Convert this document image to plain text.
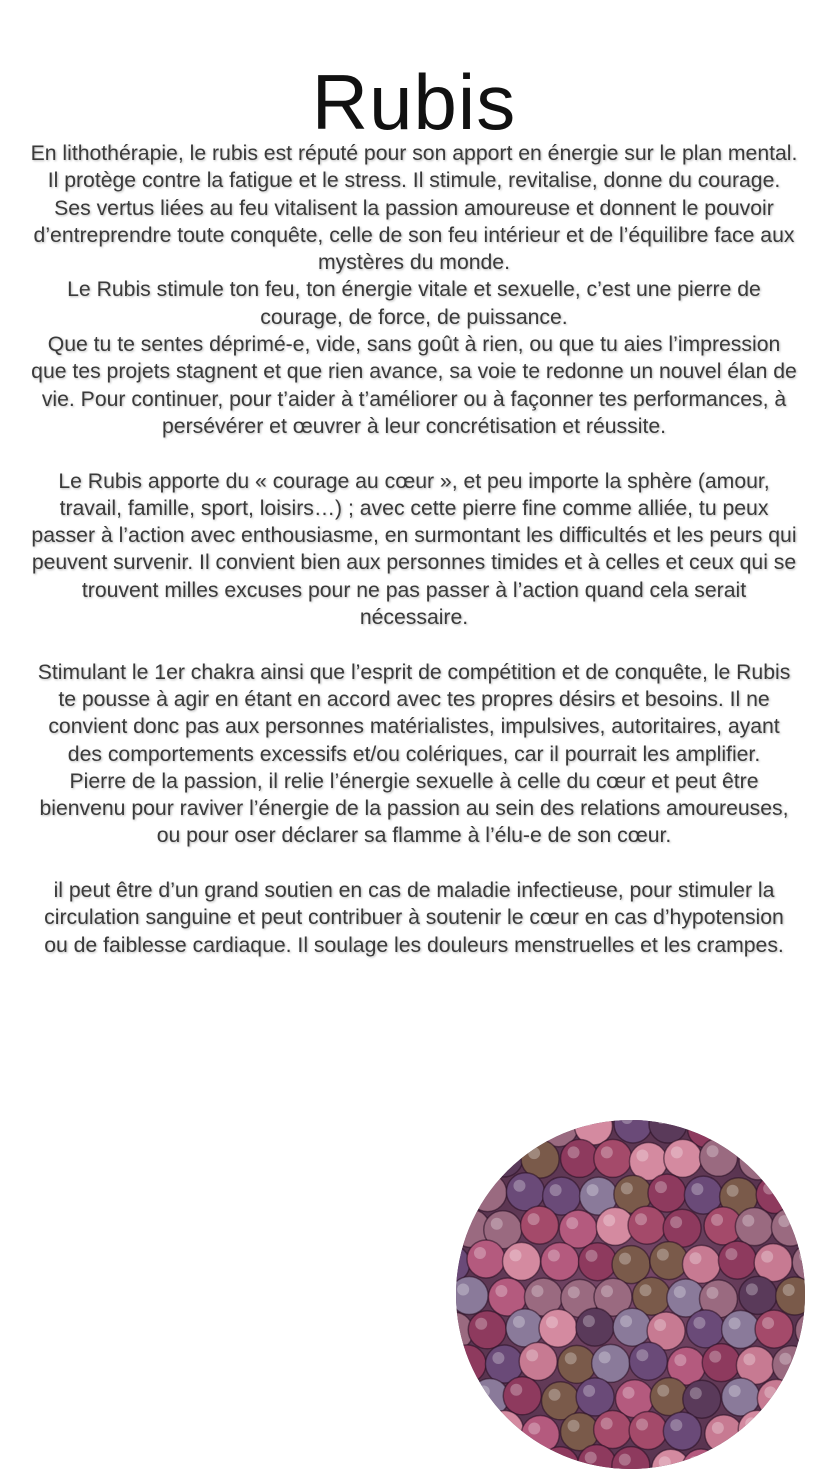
Rubis

En lithothérapie, le rubis est réputé pour son apport en énergie sur le plan mental. Il protège contre la fatigue et le stress. Il stimule, revitalise, donne du courage. Ses vertus liées au feu vitalisent la passion amoureuse et donnent le pouvoir d’entreprendre toute conquête, celle de son feu intérieur et de l’équilibre face aux mystères du monde.

Le Rubis stimule ton feu, ton énergie vitale et sexuelle, c’est une pierre de courage, de force, de puissance.

Que tu te sentes déprimé-e, vide, sans goût à rien, ou que tu aies l’impression que tes projets stagnent et que rien avance, sa voie te redonne un nouvel élan de vie. Pour continuer, pour t’aider à t’améliorer ou à façonner tes performances, à persévérer et œuvrer à leur concrétisation et réussite.

Le Rubis apporte du « courage au cœur », et peu importe la sphère (amour, travail, famille, sport, loisirs…) ; avec cette pierre fine comme alliée, tu peux passer à l’action avec enthousiasme, en surmontant les difficultés et les peurs qui peuvent survenir. Il convient bien aux personnes timides et à celles et ceux qui se trouvent milles excuses pour ne pas passer à l’action quand cela serait nécessaire.

Stimulant le 1er chakra ainsi que l’esprit de compétition et de conquête, le Rubis te pousse à agir en étant en accord avec tes propres désirs et besoins. Il ne convient donc pas aux personnes matérialistes, impulsives, autoritaires, ayant des comportements excessifs et/ou colériques, car il pourrait les amplifier.

Pierre de la passion, il relie l’énergie sexuelle à celle du cœur et peut être bienvenu pour raviver l’énergie de la passion au sein des relations amoureuses, ou pour oser déclarer sa flamme à l’élu-e de son cœur.

il peut être d’un grand soutien en cas de maladie infectieuse, pour stimuler la circulation sanguine et peut contribuer à soutenir le cœur en cas d’hypotension ou de faiblesse cardiaque. Il soulage les douleurs menstruelles et les crampes.
